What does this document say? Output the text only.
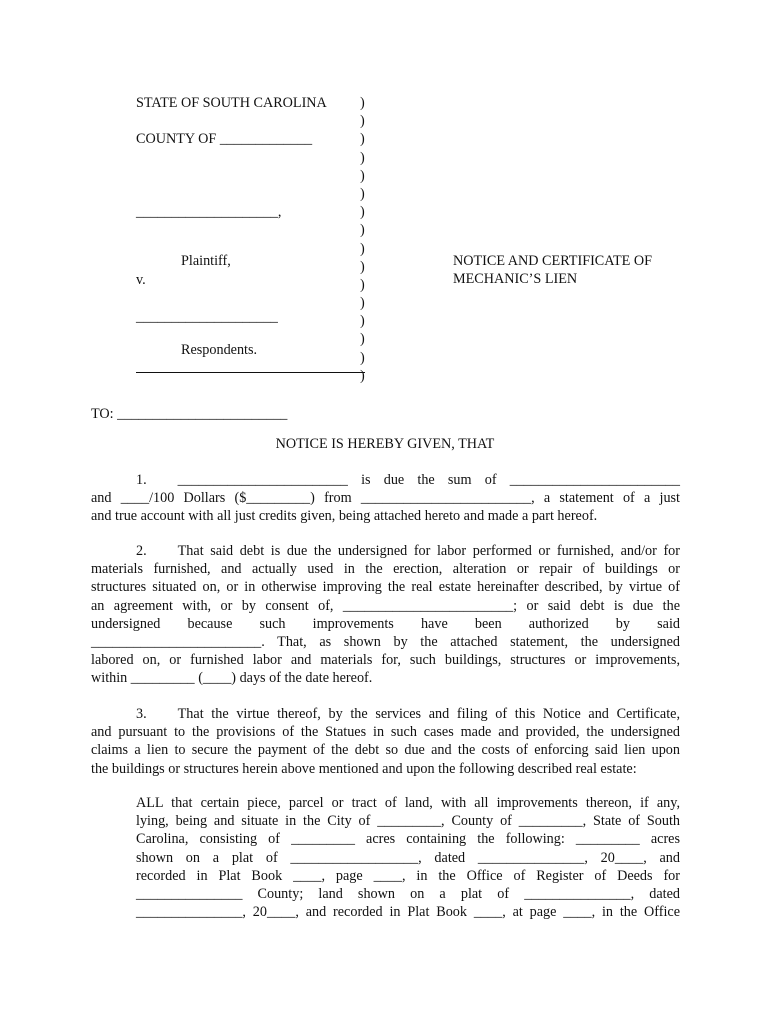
STATE OF SOUTH CAROLINA
COUNTY OF _____________
____________________,
Plaintiff,
v.
____________________
Respondents.
)
)
)
)
)
)
)
)
)
)
)
)
)
)
)
)
NOTICE AND CERTIFICATE OF
MECHANIC’S LIEN
TO: ________________________
NOTICE IS HEREBY GIVEN, THAT
1. ________________________ is due the sum of ________________________
and ____/100 Dollars ($_________) from ________________________, a statement of a just
and true account with all just credits given, being attached hereto and made a part hereof.
2. That said debt is due the undersigned for labor performed or furnished, and/or for
materials furnished, and actually used in the erection, alteration or repair of buildings or
structures situated on, or in otherwise improving the real estate hereinafter described, by virtue of
an agreement with, or by consent of, ________________________; or said debt is due the
undersigned because such improvements have been authorized by said
________________________. That, as shown by the attached statement, the undersigned
labored on, or furnished labor and materials for, such buildings, structures or improvements,
within _________ (____) days of the date hereof.
3. That the virtue thereof, by the services and filing of this Notice and Certificate,
and pursuant to the provisions of the Statues in such cases made and provided, the undersigned
claims a lien to secure the payment of the debt so due and the costs of enforcing said lien upon
the buildings or structures herein above mentioned and upon the following described real estate:
ALL that certain piece, parcel or tract of land, with all improvements thereon, if any,
lying, being and situate in the City of _________, County of _________, State of South
Carolina, consisting of _________ acres containing the following: _________ acres
shown on a plat of __________________, dated _______________, 20____, and
recorded in Plat Book ____, page ____, in the Office of Register of Deeds for
_______________ County; land shown on a plat of _______________, dated
_______________, 20____, and recorded in Plat Book ____, at page ____, in the Office
